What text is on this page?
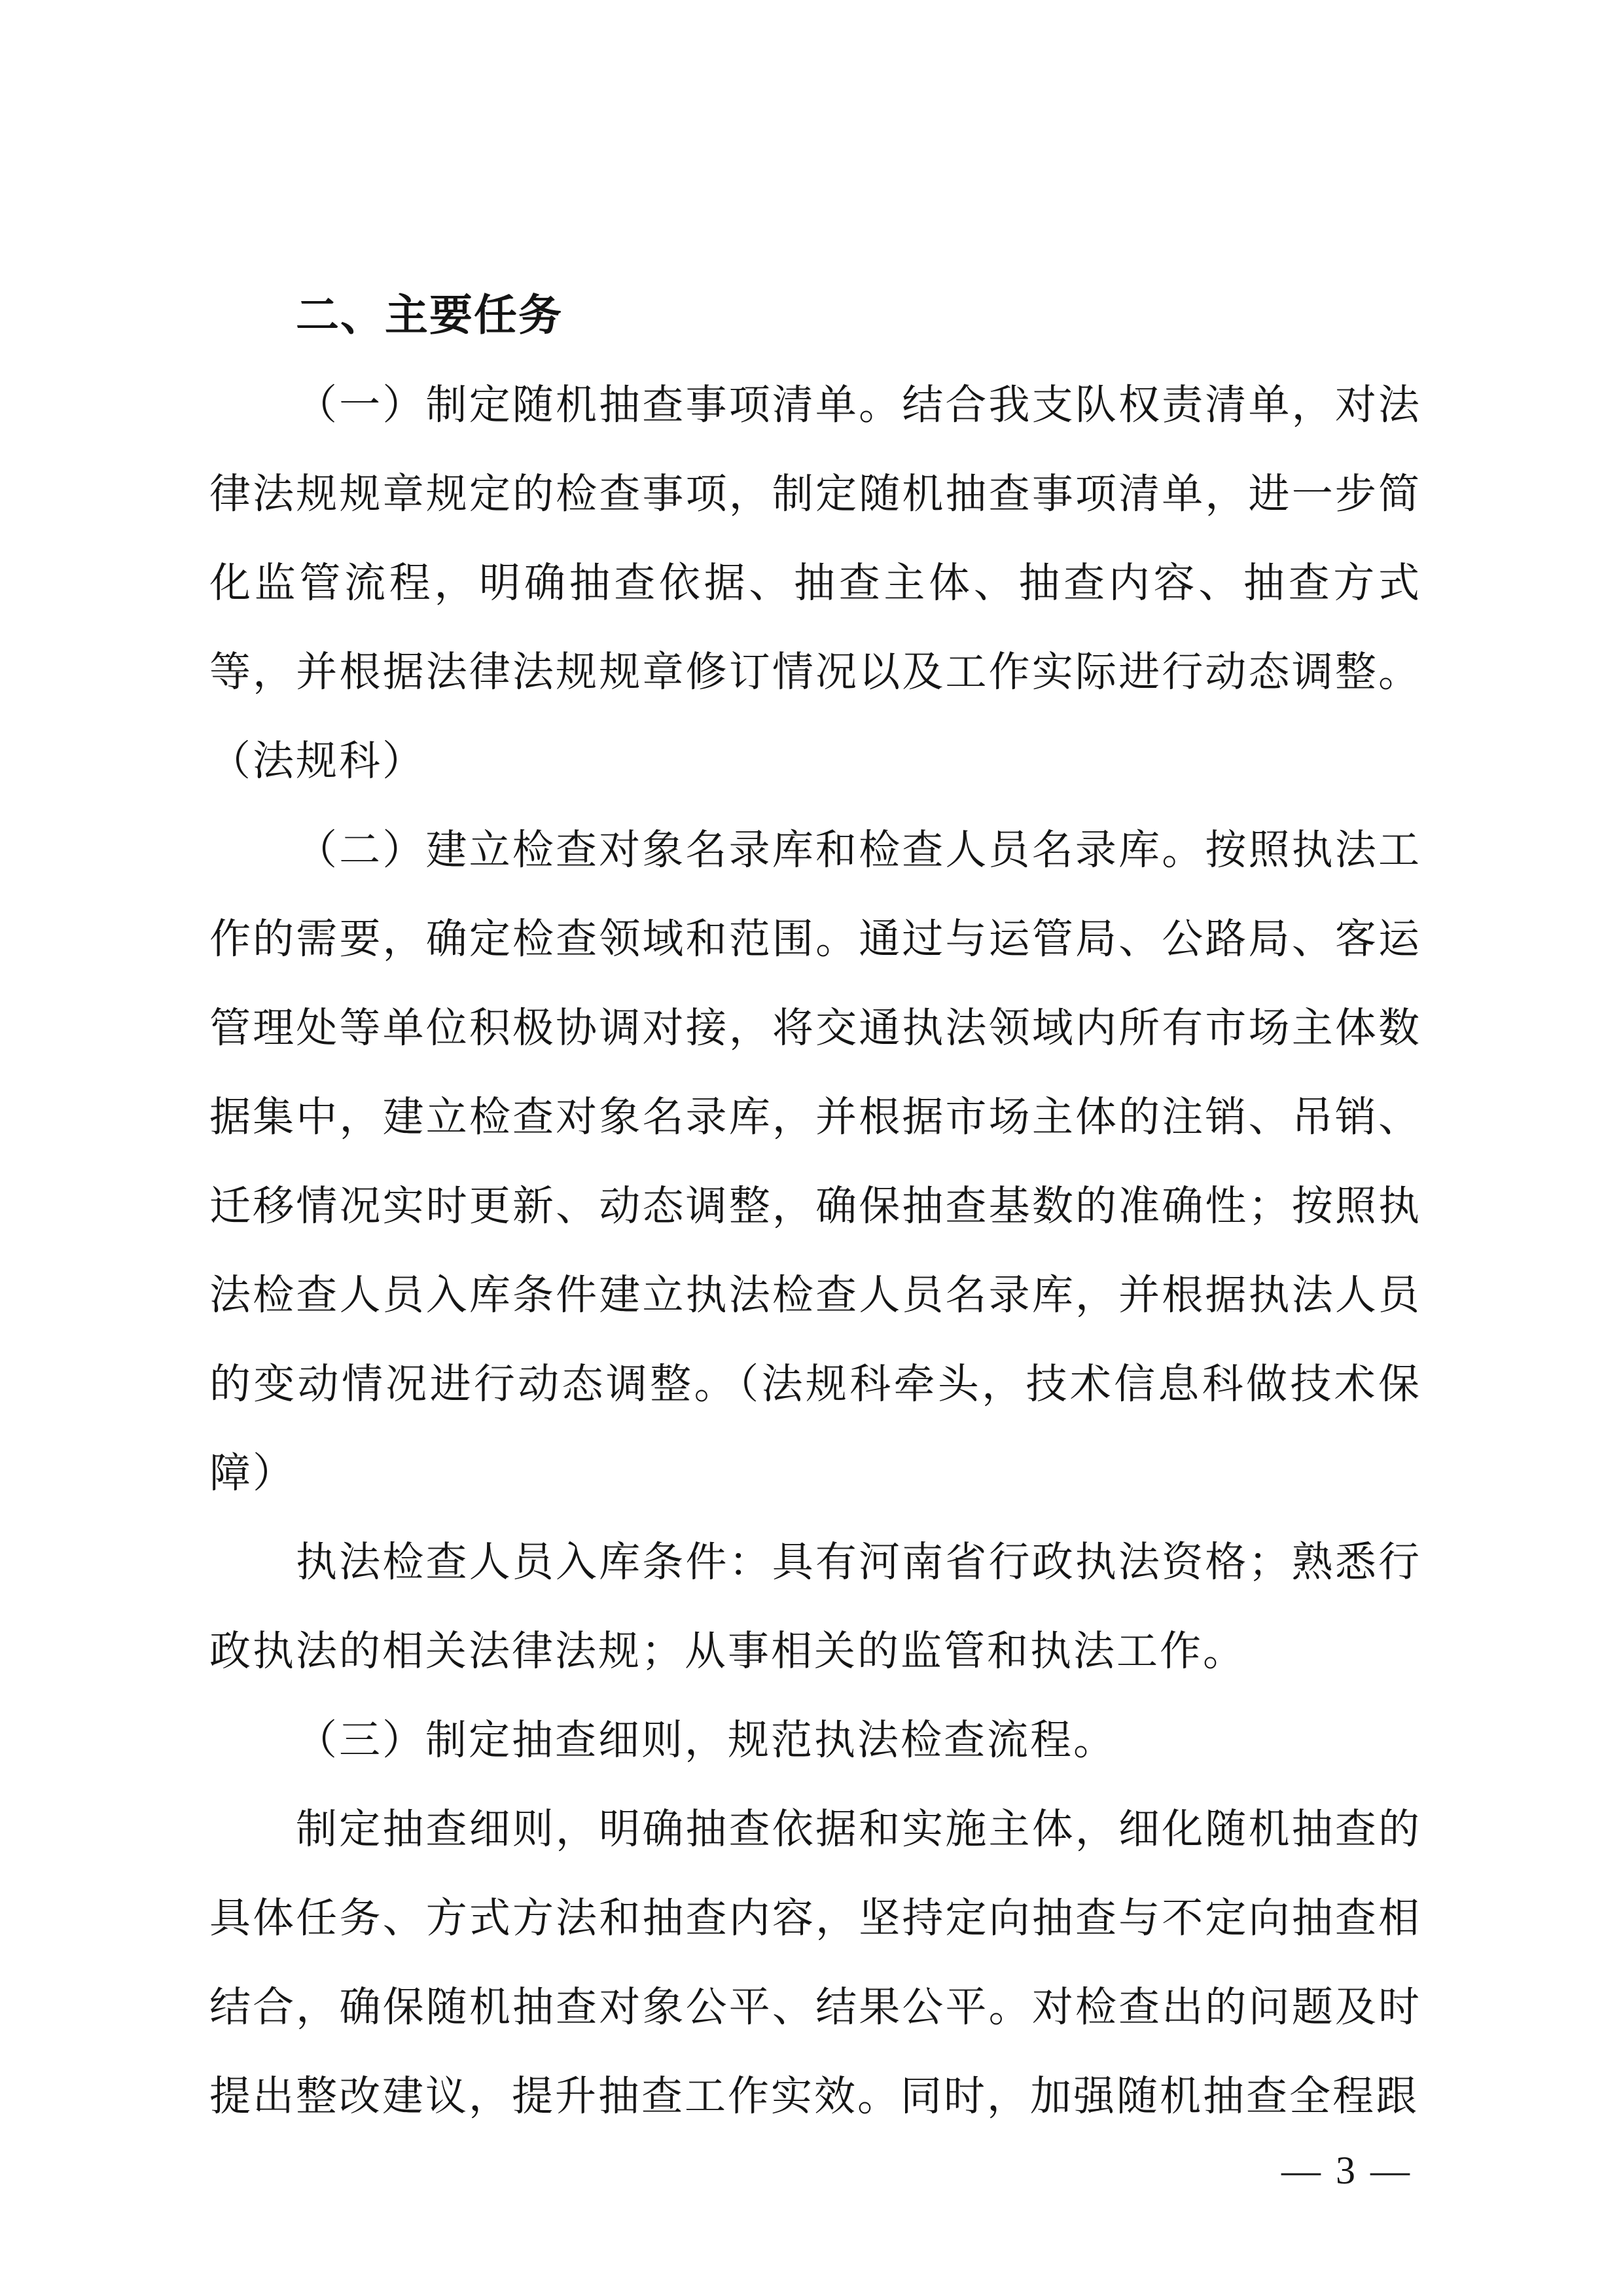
二、主要任务

（一）制定随机抽查事项清单。结合我支队权责清单，对法律法规规章规定的检查事项，制定随机抽查事项清单，进一步简化监管流程，明确抽查依据、抽查主体、抽查内容、抽查方式等，并根据法律法规规章修订情况以及工作实际进行动态调整。（法规科）

（二）建立检查对象名录库和检查人员名录库。按照执法工作的需要，确定检查领域和范围。通过与运管局、公路局、客运管理处等单位积极协调对接，将交通执法领域内所有市场主体数据集中，建立检查对象名录库，并根据市场主体的注销、吊销、迁移情况实时更新、动态调整，确保抽查基数的准确性；按照执法检查人员入库条件建立执法检查人员名录库，并根据执法人员的变动情况进行动态调整。（法规科牵头，技术信息科做技术保障）

执法检查人员入库条件：具有河南省行政执法资格；熟悉行政执法的相关法律法规；从事相关的监管和执法工作。

（三）制定抽查细则，规范执法检查流程。

制定抽查细则，明确抽查依据和实施主体，细化随机抽查的具体任务、方式方法和抽查内容，坚持定向抽查与不定向抽查相结合，确保随机抽查对象公平、结果公平。对检查出的问题及时提出整改建议，提升抽查工作实效。同时，加强随机抽查全程跟

— 3 —
